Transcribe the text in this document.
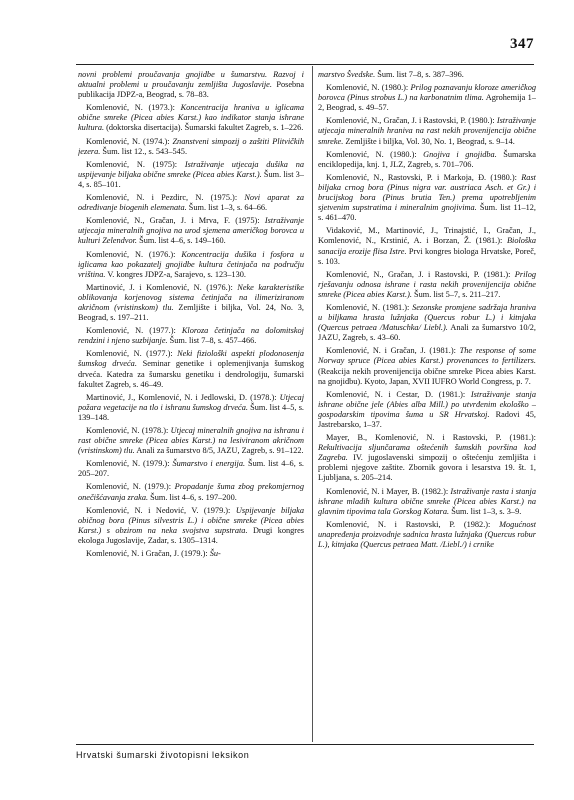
347

novni problemi proučavanja gnojidbe u šumarstvu. Razvoj i aktualni problemi u proučavanju zemljišta Jugoslavije. Posebna publikacija JDPZ-a, Beograd, s. 78–83.

Komlenović, N. (1973.): Koncentracija hraniva u iglicama obične smreke (Picea abies Karst.) kao indikator stanja ishrane kultura. (doktorska disertacija). Šumarski fakultet Zagreb, s. 1–226.

Komlenović, N. (1974.): Znanstveni simpozij o zaštiti Plitvičkih jezera. Šum. list 12., s. 543–545.

Komlenović, N. (1975): Istraživanje utjecaja dušika na uspijevanje biljaka obične smreke (Picea abies Karst.). Šum. list 3–4, s. 85–101.

Komlenović, N. i Pezdirc, N. (1975.): Novi aparat za određivanje biogenih elemenata. Šum. list 1–3, s. 64–66.

Komlenović, N., Gračan, J. i Mrva, F. (1975): Istraživanje utjecaja mineralnih gnojiva na urod sjemena američkog borovca u kulturi Zelendvor. Šum. list 4–6, s. 149–160.

Komlenović, N. (1976.): Koncentracija dušika i fosfora u iglicama kao pokazatelj gnojidbe kultura četinjača na području vriština. V. kongres JDPZ-a, Sarajevo, s. 123–130.

Martinović, J. i Komlenović, N. (1976.): Neke karakteristike oblikovanja korjenovog sistema četinjača na ilimeriziranom akričnom (vristinskom) tlu. Zemljište i biljka, Vol. 24, No. 3, Beograd, s. 197–211.

Komlenović, N. (1977.): Kloroza četinjača na dolomitskoj rendzini i njeno suzbijanje. Šum. list 7–8, s. 457–466.

Komlenović, N. (1977.): Neki fiziološki aspekti plodonosenja šumskog drveća. Seminar genetike i oplemenjivanja šumskog drveća. Katedra za šumarsku genetiku i dendrologiju, šumarski fakultet Zagreb, s. 46–49.

Martinović, J., Komlenović, N. i Jedlowski, D. (1978.): Utjecaj požara vegetacije na tlo i ishranu šumskog drveća. Šum. list 4–5, s. 139–148.

Komlenović, N. (1978.): Utjecaj mineralnih gnojiva na ishranu i rast obične smreke (Picea abies Karst.) na lesiviranom akričnom (vristinskom) tlu. Anali za šumarstvo 8/5, JAZU, Zagreb, s. 91–122.

Komlenović, N. (1979.): Šumarstvo i energija. Šum. list 4–6, s. 205–207.

Komlenović, N. (1979.): Propadanje šuma zbog prekomjernog onečišćavanja zraka. Šum. list 4–6, s. 197–200.

Komlenović, N. i Nedović, V. (1979.): Uspijevanje biljaka običnog bora (Pinus silvestris L.) i obične smreke (Picea abies Karst.) s obzirom na neka svojstva supstrata. Drugi kongres ekologa Jugoslavije, Zadar, s. 1305–1314.

Komlenović, N. i Gračan, J. (1979.): Šu-

marstvo Švedske. Šum. list 7–8, s. 387–396.

Komlenović, N. (1980.): Prilog poznavanju kloroze američkog borovca (Pinus strobus L.) na karbonatnim tlima. Agrohemija 1–2, Beograd, s. 49–57.

Komlenović, N., Gračan, J. i Rastovski, P. (1980.): Istraživanje utjecaja mineralnih hraniva na rast nekih provenijencija obične smreke. Zemljište i biljka, Vol. 30, No. 1, Beograd, s. 9–14.

Komlenović, N. (1980.): Gnojiva i gnojidba. Šumarska enciklopedija, knj. 1, JLZ, Zagreb, s. 701–706.

Komlenović, N., Rastovski, P. i Markoja, Đ. (1980.): Rast biljaka crnog bora (Pinus nigra var. austriaca Asch. et Gr.) i brucijskog bora (Pinus brutia Ten.) prema upotrebljenim sjetvenim supstratima i mineralnim gnojivima. Šum. list 11–12, s. 461–470.

Vidaković, M., Martinović, J., Trinajstić, I., Gračan, J., Komlenović, N., Krstinić, A. i Borzan, Ž. (1981.): Biološka sanacija erozije flisa Istre. Prvi kongres biologa Hrvatske, Poreč, s. 103.

Komlenović, N., Gračan, J. i Rastovski, P. (1981.): Prilog rješavanju odnosa ishrane i rasta nekih provenijencija obične smreke (Picea abies Karst.). Šum. list 5–7, s. 211–217.

Komlenović, N. (1981.): Sezonske promjene sadržaja hraniva u biljkama hrasta lužnjaka (Quercus robur L.) i kitnjaka (Quercus petraea /Matuschka/ Liebl.). Anali za šumarstvo 10/2, JAZU, Zagreb, s. 43–60.

Komlenović, N. i Gračan, J. (1981.): The response of some Norway spruce (Picea abies Karst.) provenances to fertilizers. (Reakcija nekih provenijencija obične smreke Picea abies Karst. na gnojidbu). Kyoto, Japan, XVII IUFRO World Congress, p. 7.

Komlenović, N. i Cestar, D. (1981.): Istraživanje stanja ishrane obične jele (Abies alba Mill.) po utvrđenim ekološko – gospodarskim tipovima šuma u SR Hrvatskoj. Radovi 45, Jastrebarsko, 1–37.

Mayer, B., Komlenović, N. i Rastovski, P. (1981.): Rekultivacija sljunčarama oštećenih šumskih površina kod Zagreba. IV. jugoslavenski simpozij o oštećenju zemljišta i problemi njegove zaštite. Zbornik govora i lesarstva 19. št. 1, Ljubljana, s. 205–214.

Komlenović, N. i Mayer, B. (1982.): Istraživanje rasta i stanja ishrane mladih kultura obične smreke (Picea abies Karst.) na glavnim tipovima tala Gorskog Kotara. Šum. list 1–3, s. 3–9.

Komlenović, N. i Rastovski, P. (1982.): Mogućnost unapređenja proizvodnje sadnica hrasta lužnjaka (Quercus robur L.), kitnjaka (Quercus petraea Matt. /Liebl./) i crnike

Hrvatski šumarski životopisni leksikon
